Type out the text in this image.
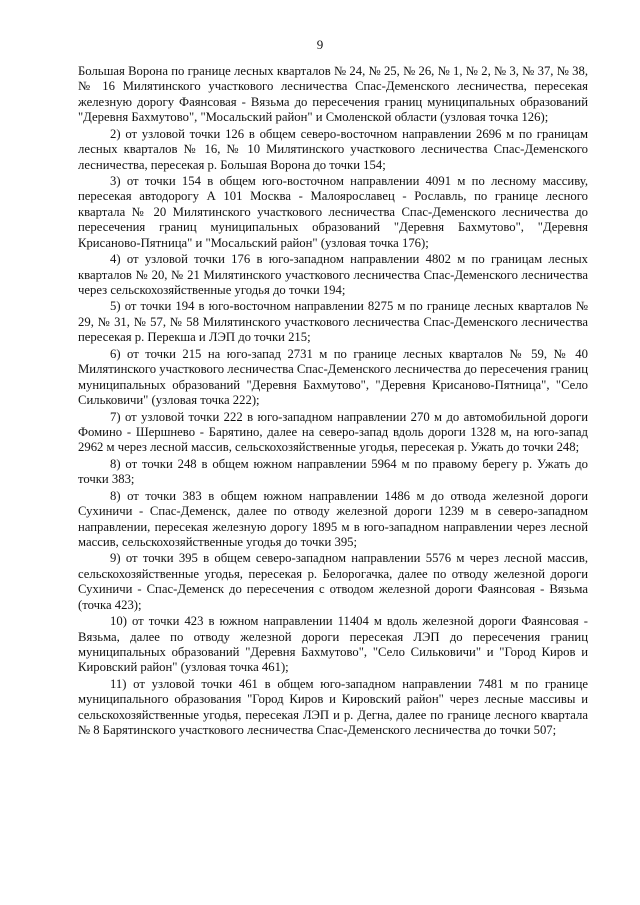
9

Большая Ворона по границе лесных кварталов № 24, № 25, № 26, № 1, № 2, № 3, № 37, № 38, № 16 Милятинского участкового лесничества Спас-Деменского лесничества, пересекая железную дорогу Фаянсовая - Вязьма до пересечения границ муниципальных образований "Деревня Бахмутово", "Мосальский район" и Смоленской области (узловая точка 126);

2) от узловой точки 126 в общем северо-восточном направлении 2696 м по границам лесных кварталов № 16, № 10 Милятинского участкового лесничества Спас-Деменского лесничества, пересекая р. Большая Ворона до точки 154;

3) от точки 154 в общем юго-восточном направлении 4091 м по лесному массиву, пересекая автодорогу А 101 Москва - Малоярославец - Рославль, по границе лесного квартала № 20 Милятинского участкового лесничества Спас-Деменского лесничества до пересечения границ муниципальных образований "Деревня Бахмутово", "Деревня Крисаново-Пятница" и "Мосальский район" (узловая точка 176);

4) от узловой точки 176 в юго-западном направлении 4802 м по границам лесных кварталов № 20, № 21 Милятинского участкового лесничества Спас-Деменского лесничества через сельскохозяйственные угодья до точки 194;

5) от точки 194 в юго-восточном направлении 8275 м по границе лесных кварталов № 29, № 31, № 57, № 58 Милятинского участкового лесничества Спас-Деменского лесничества пересекая р. Перекша и ЛЭП до точки 215;

6) от точки 215 на юго-запад 2731 м по границе лесных кварталов № 59, № 40 Милятинского участкового лесничества Спас-Деменского лесничества до пересечения границ муниципальных образований "Деревня Бахмутово", "Деревня Крисаново-Пятница", "Село Сильковичи" (узловая точка 222);

7) от узловой точки 222 в юго-западном направлении 270 м до автомобильной дороги Фомино - Шершнево - Барятино, далее на северо-запад вдоль дороги 1328 м, на юго-запад 2962 м через лесной массив, сельскохозяйственные угодья, пересекая р. Ужать до точки 248;

8) от точки 248 в общем южном направлении 5964 м по правому берегу р. Ужать до точки 383;

8) от точки 383 в общем южном направлении 1486 м до отвода железной дороги Сухиничи - Спас-Деменск, далее по отводу железной дороги 1239 м в северо-западном направлении, пересекая железную дорогу 1895 м в юго-западном направлении через лесной массив, сельскохозяйственные угодья до точки 395;

9) от точки 395 в общем северо-западном направлении 5576 м через лесной массив, сельскохозяйственные угодья, пересекая р. Белорогачка, далее по отводу железной дороги Сухиничи - Спас-Деменск до пересечения с отводом железной дороги Фаянсовая - Вязьма (точка 423);

10) от точки 423 в южном направлении 11404 м вдоль железной дороги Фаянсовая - Вязьма, далее по отводу железной дороги пересекая ЛЭП до пересечения границ муниципальных образований "Деревня Бахмутово", "Село Сильковичи" и "Город Киров и Кировский район" (узловая точка 461);

11) от узловой точки 461 в общем юго-западном направлении 7481 м по границе муниципального образования "Город Киров и Кировский район" через лесные массивы и сельскохозяйственные угодья, пересекая ЛЭП и р. Дегна, далее по границе лесного квартала № 8 Барятинского участкового лесничества Спас-Деменского лесничества до точки 507;
